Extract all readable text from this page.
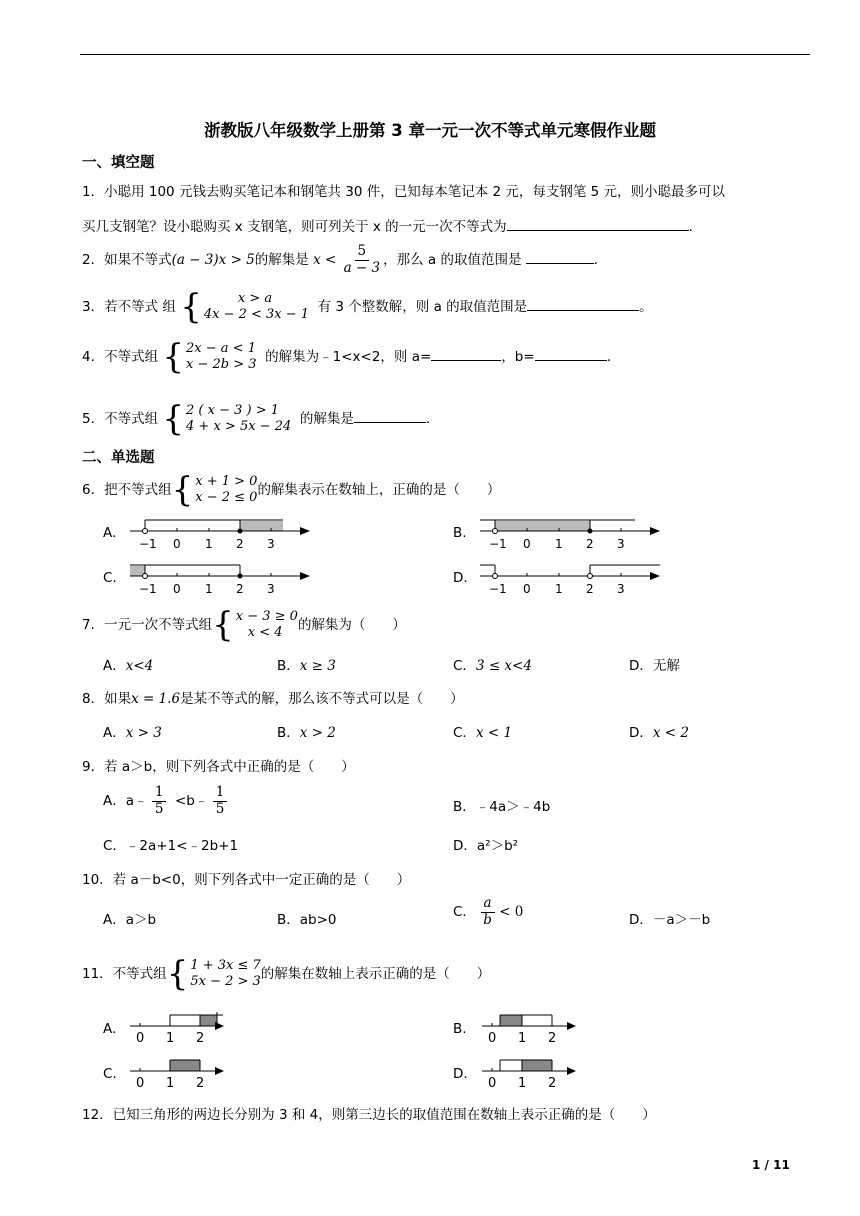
浙教版八年级数学上册第 3 章一元一次不等式单元寒假作业题
一、填空题
1．小聪用 100 元钱去购买笔记本和钢笔共 30 件，已知每本笔记本 2 元，每支钢笔 5 元，则小聪最多可以
买几支钢笔？设小聪购买 x 支钢笔，则可列关于 x 的一元一次不等式为	.
2．如果不等式(a − 3)x > 5的解集是 $x < \frac{5}{a - 3}$ ，那么 a 的取值范围是	.
3．若不等式 组 {	x > a
4x − 2 < 3x − 1 有 3 个整数解，则 a 的取值范围是	。
4．不等式组 { 2x − a < 1
x − 2b > 3 的解集为﹣1<x<2，则 a=	，b=	.
5．不等式组 { 2 ( x − 3 ) > 1
4 + x > 5x − 24 的解集是	.
二、单选题
6．把不等式组 { x + 1 > 0
x − 2 ≤ 0 的解集表示在数轴上，正确的是（　　）
A.
−1 0 1 2 3
B.
−1 0 1 2 3
C.
−1 0 1 2 3
D.
−1 0 1 2 3
7．一元一次不等式组 { x − 3 ≥ 0
x < 4	的解集为（　　）
A．x<4	B．x ≥ 3	C．3 ≤ x<4	D．无解
8．如果x = 1.6是某不等式的解，那么该不等式可以是（　　）
A．x > 3	B．x > 2	C．x < 1	D．x < 2
9．若 a＞b，则下列各式中正确的是（　　）
A．a﹣ $\frac{1}{5}$ <b﹣ $\frac{1}{5}$	B．﹣4a＞﹣4b
C．﹣2a+1<﹣2b+1	D．a²＞b²
10．若 a－b<0，则下列各式中一定正确的是（　　）
A．a＞b	B．ab>0	C． $\frac{a}{b} < 0$	D．－a＞－b
11．不等式组 { 1 + 3x ≤ 7
5x − 2 > 3 的解集在数轴上表示正确的是（　　）
A.
0 1 2
B.
0 1 2
C.
0 1 2
D.
0 1 2
12．已知三角形的两边长分别为 3 和 4，则第三边长的取值范围在数轴上表示正确的是（　　）
1 / 11
